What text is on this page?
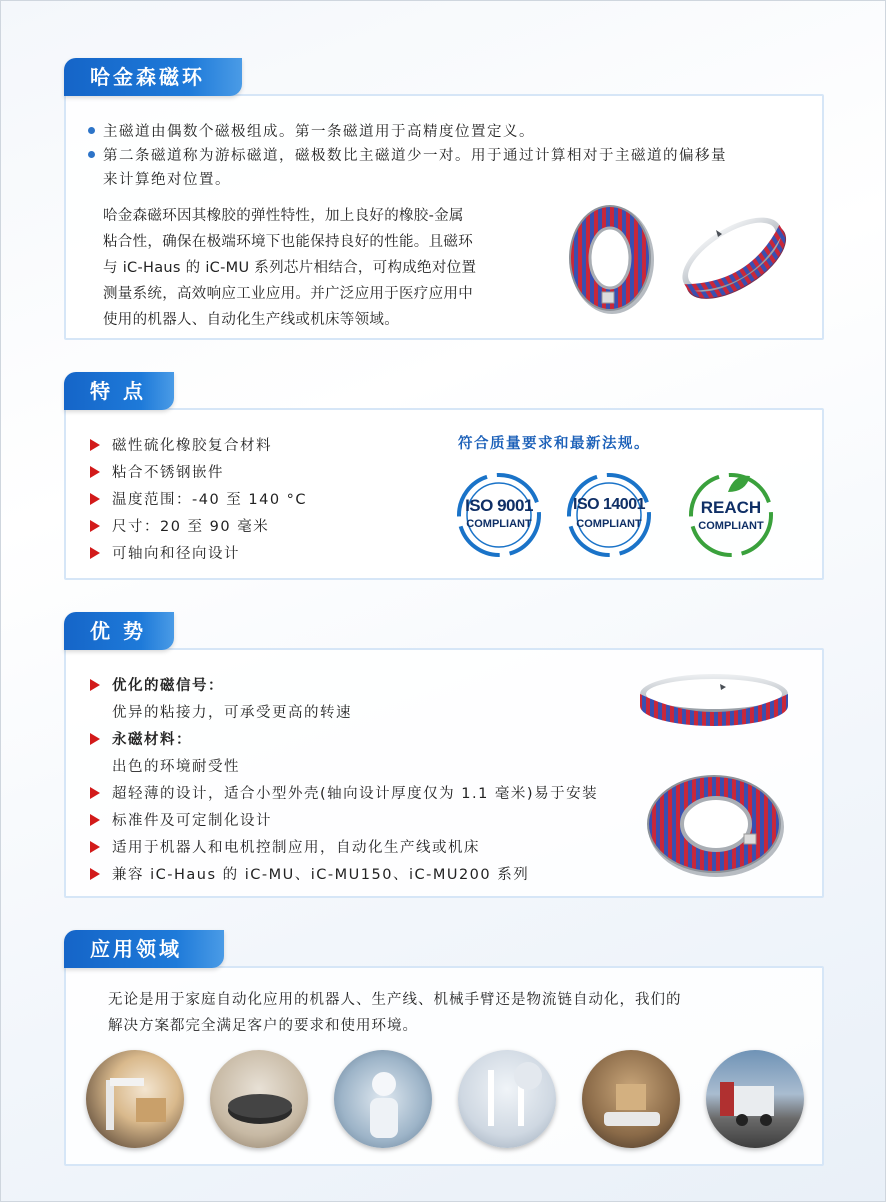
主磁道由偶数个磁极组成。第一条磁道用于高精度位置定义。
第二条磁道称为游标磁道，磁极数比主磁道少一对。用于通过计算相对于主磁道的偏移量
来计算绝对位置。
哈金森磁环因其橡胶的弹性特性，加上良好的橡胶-金属
粘合性，确保在极端环境下也能保持良好的性能。且磁环
与 iC-Haus 的 iC-MU 系列芯片相结合，可构成绝对位置
测量系统，高效响应工业应用。并广泛应用于医疗应用中
使用的机器人、自动化生产线或机床等领域。
哈金森磁环
磁性硫化橡胶复合材料
粘合不锈钢嵌件
温度范围：-40 至 140 °C
尺寸：20 至 90 毫米
可轴向和径向设计
符合质量要求和最新法规。
ISO 9001
COMPLIANT
ISO 14001
COMPLIANT
REACH
COMPLIANT
特 点
优化的磁信号：
优异的粘接力，可承受更高的转速
永磁材料：
出色的环境耐受性
超轻薄的设计，适合小型外壳(轴向设计厚度仅为 1.1 毫米)易于安装
标准件及可定制化设计
适用于机器人和电机控制应用，自动化生产线或机床
兼容 iC-Haus 的 iC-MU、iC-MU150、iC-MU200 系列
优 势
无论是用于家庭自动化应用的机器人、生产线、机械手臂还是物流链自动化，我们的
解决方案都完全满足客户的要求和使用环境。
应用领域
